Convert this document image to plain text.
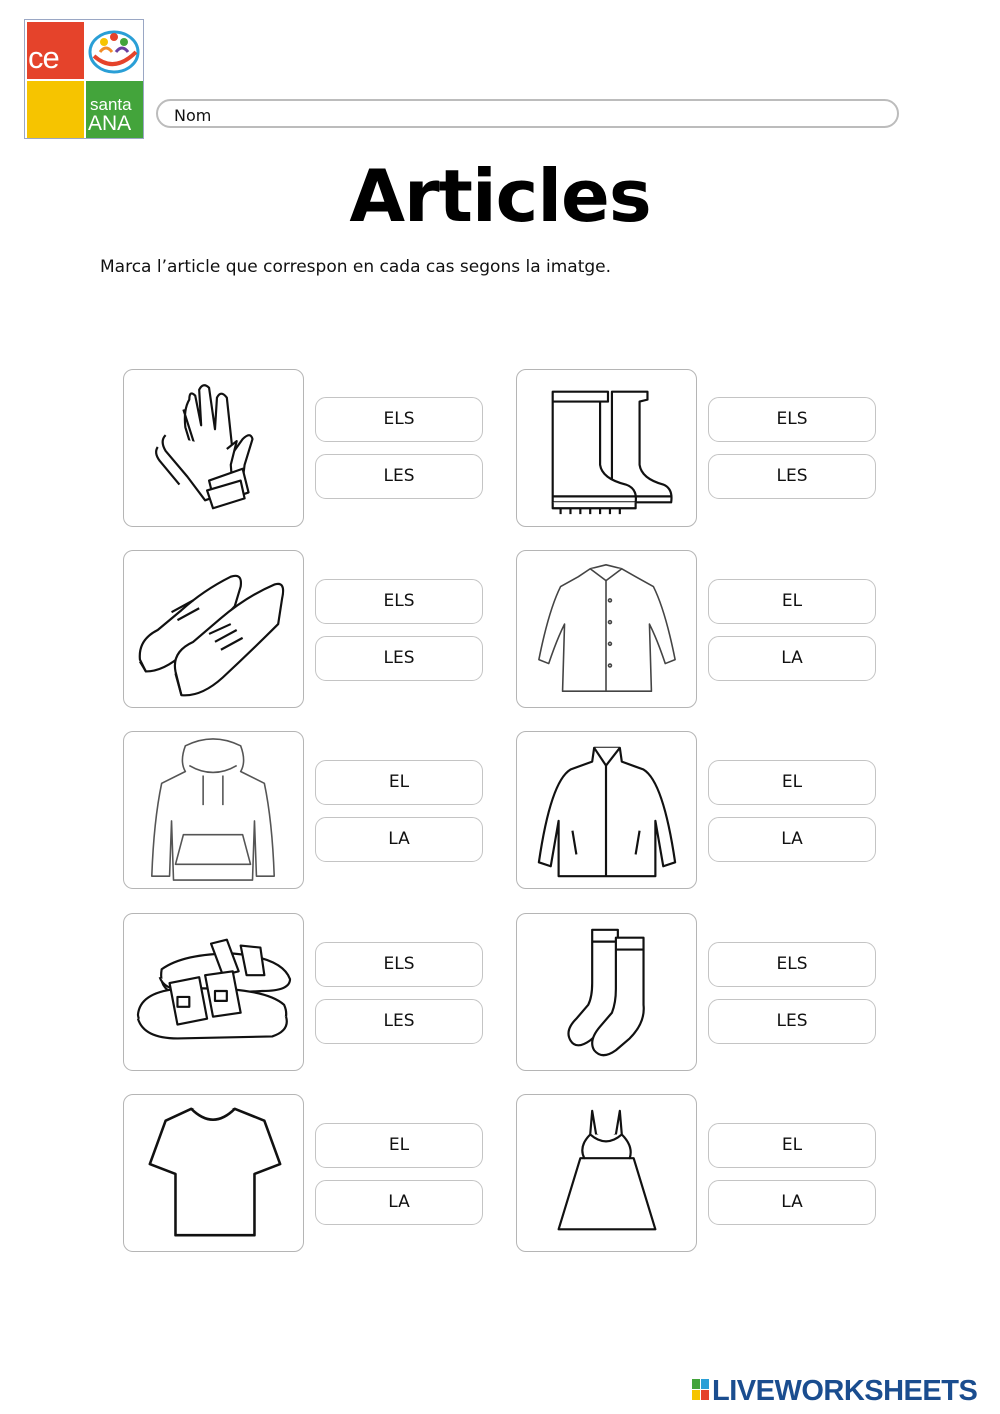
ce
santa
ANA	Nom
Articles
Marca l’article que correspon en cada cas segons la imatge.
ELS
LES
ELS
LES
ELS
LES
EL
LA
EL
LA
EL
LA
ELS
LES
ELS
LES
EL
LA
EL
LA
LIVEWORKSHEETS
